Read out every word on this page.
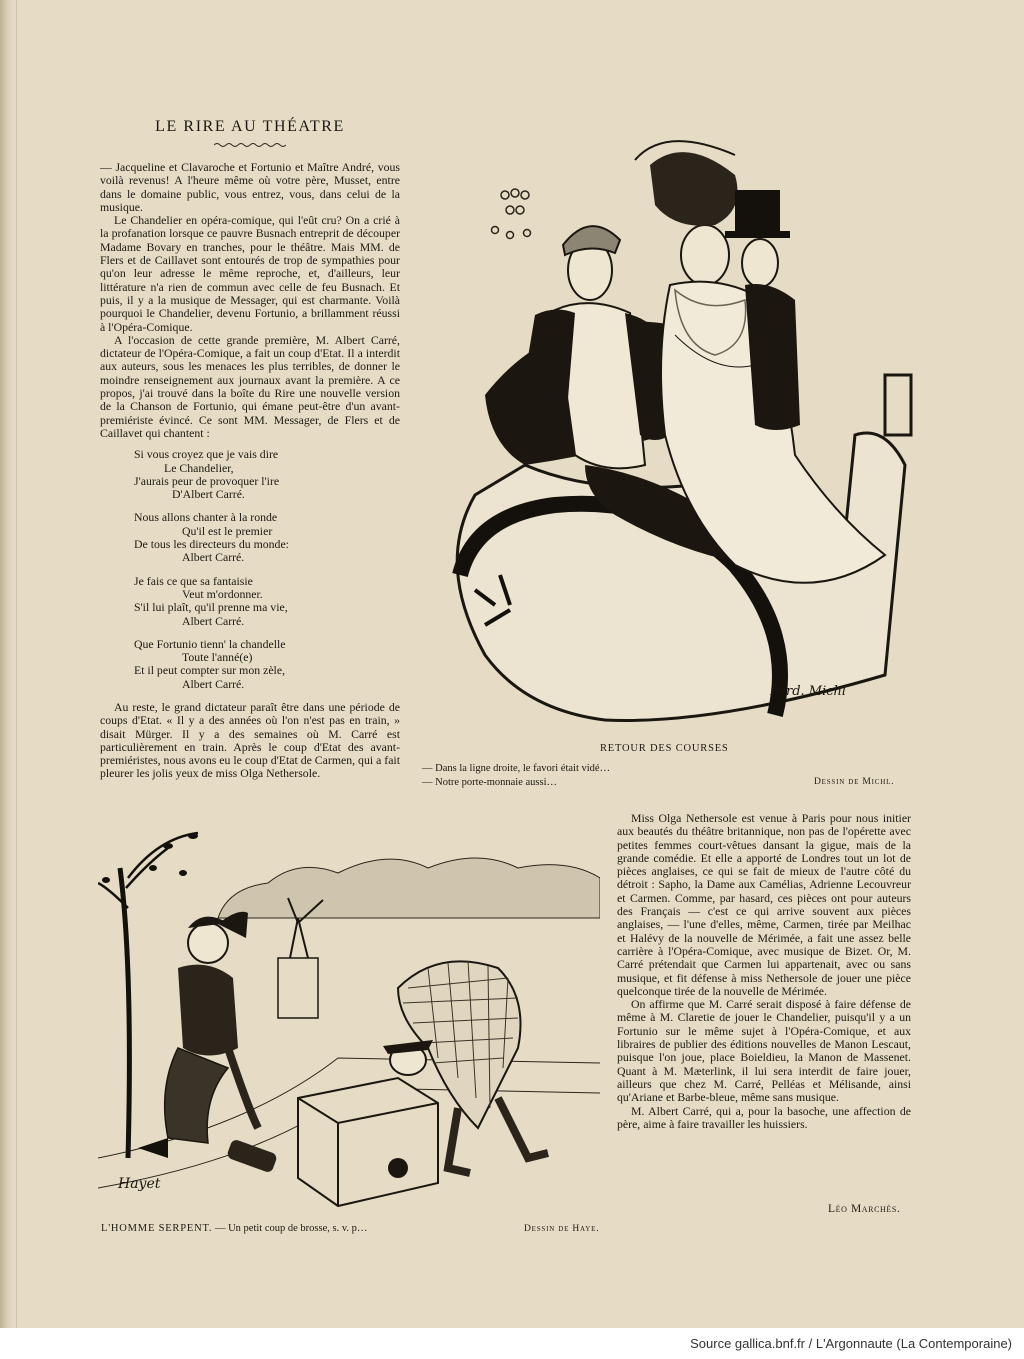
LE RIRE AU THÉATRE

— Jacqueline et Clavaroche et Fortunio et Maître André, vous voilà revenus! A l'heure même où votre père, Musset, entre dans le domaine public, vous entrez, vous, dans celui de la musique.

Le Chandelier en opéra-comique, qui l'eût cru? On a crié à la profanation lorsque ce pauvre Busnach entreprit de découper Madame Bovary en tranches, pour le théâtre. Mais MM. de Flers et de Caillavet sont entourés de trop de sympathies pour qu'on leur adresse le même reproche, et, d'ailleurs, leur littérature n'a rien de commun avec celle de feu Busnach. Et puis, il y a la musique de Messager, qui est charmante. Voilà pourquoi le Chandelier, devenu Fortunio, a brillamment réussi à l'Opéra-Comique.

A l'occasion de cette grande première, M. Albert Carré, dictateur de l'Opéra-Comique, a fait un coup d'Etat. Il a interdit aux auteurs, sous les menaces les plus terribles, de donner le moindre renseignement aux journaux avant la première. A ce propos, j'ai trouvé dans la boîte du Rire une nouvelle version de la Chanson de Fortunio, qui émane peut-être d'un avant-premiériste évincé. Ce sont MM. Messager, de Flers et de Caillavet qui chantent :

Si vous croyez que je vais dire
Le Chandelier,
J'aurais peur de provoquer l'ire
D'Albert Carré.
Nous allons chanter à la ronde
Qu'il est le premier
De tous les directeurs du monde:
Albert Carré.
Je fais ce que sa fantaisie
Veut m'ordonner.
S'il lui plaît, qu'il prenne ma vie,
Albert Carré.
Que Fortunio tienn' la chandelle
Toute l'anné(e)
Et il peut compter sur mon zèle,
Albert Carré.

Au reste, le grand dictateur paraît être dans une période de coups d'Etat. « Il y a des années où l'on n'est pas en train, » disait Mürger. Il y a des semaines où M. Carré est particulièrement en train. Après le coup d'Etat des avant-premiéristes, nous avons eu le coup d'Etat de Carmen, qui a fait pleurer les jolis yeux de miss Olga Nethersole.

Ferd. Michl
RETOUR DES COURSES
— Dans la ligne droite, le favori était vidé…
— Notre porte-monnaie aussi…	Dessin de Michl.
Hayet
L'HOMME SERPENT. — Un petit coup de brosse, s. v. p…	Dessin de Haye.

Miss Olga Nethersole est venue à Paris pour nous initier aux beautés du théâtre britannique, non pas de l'opérette avec petites femmes court-vêtues dansant la gigue, mais de la grande comédie. Et elle a apporté de Londres tout un lot de pièces anglaises, ce qui se fait de mieux de l'autre côté du détroit : Sapho, la Dame aux Camélias, Adrienne Lecouvreur et Carmen. Comme, par hasard, ces pièces ont pour auteurs des Français — c'est ce qui arrive souvent aux pièces anglaises, — l'une d'elles, même, Carmen, tirée par Meilhac et Halévy de la nouvelle de Mérimée, a fait une assez belle carrière à l'Opéra-Comique, avec musique de Bizet. Or, M. Carré prétendait que Carmen lui appartenait, avec ou sans musique, et fit défense à miss Nethersole de jouer une pièce quelconque tirée de la nouvelle de Mérimée.

On affirme que M. Carré serait disposé à faire défense de même à M. Claretie de jouer le Chandelier, puisqu'il y a un Fortunio sur le même sujet à l'Opéra-Comique, et aux libraires de publier des éditions nouvelles de Manon Lescaut, puisque l'on joue, place Boieldieu, la Manon de Massenet. Quant à M. Mæterlink, il lui sera interdit de faire jouer, ailleurs que chez M. Carré, Pelléas et Mélisande, ainsi qu'Ariane et Barbe-bleue, même sans musique.

M. Albert Carré, qui a, pour la basoche, une affection de père, aime à faire travailler les huissiers.

Léo Marchès.
Source gallica.bnf.fr / L'Argonnaute (La Contemporaine)
